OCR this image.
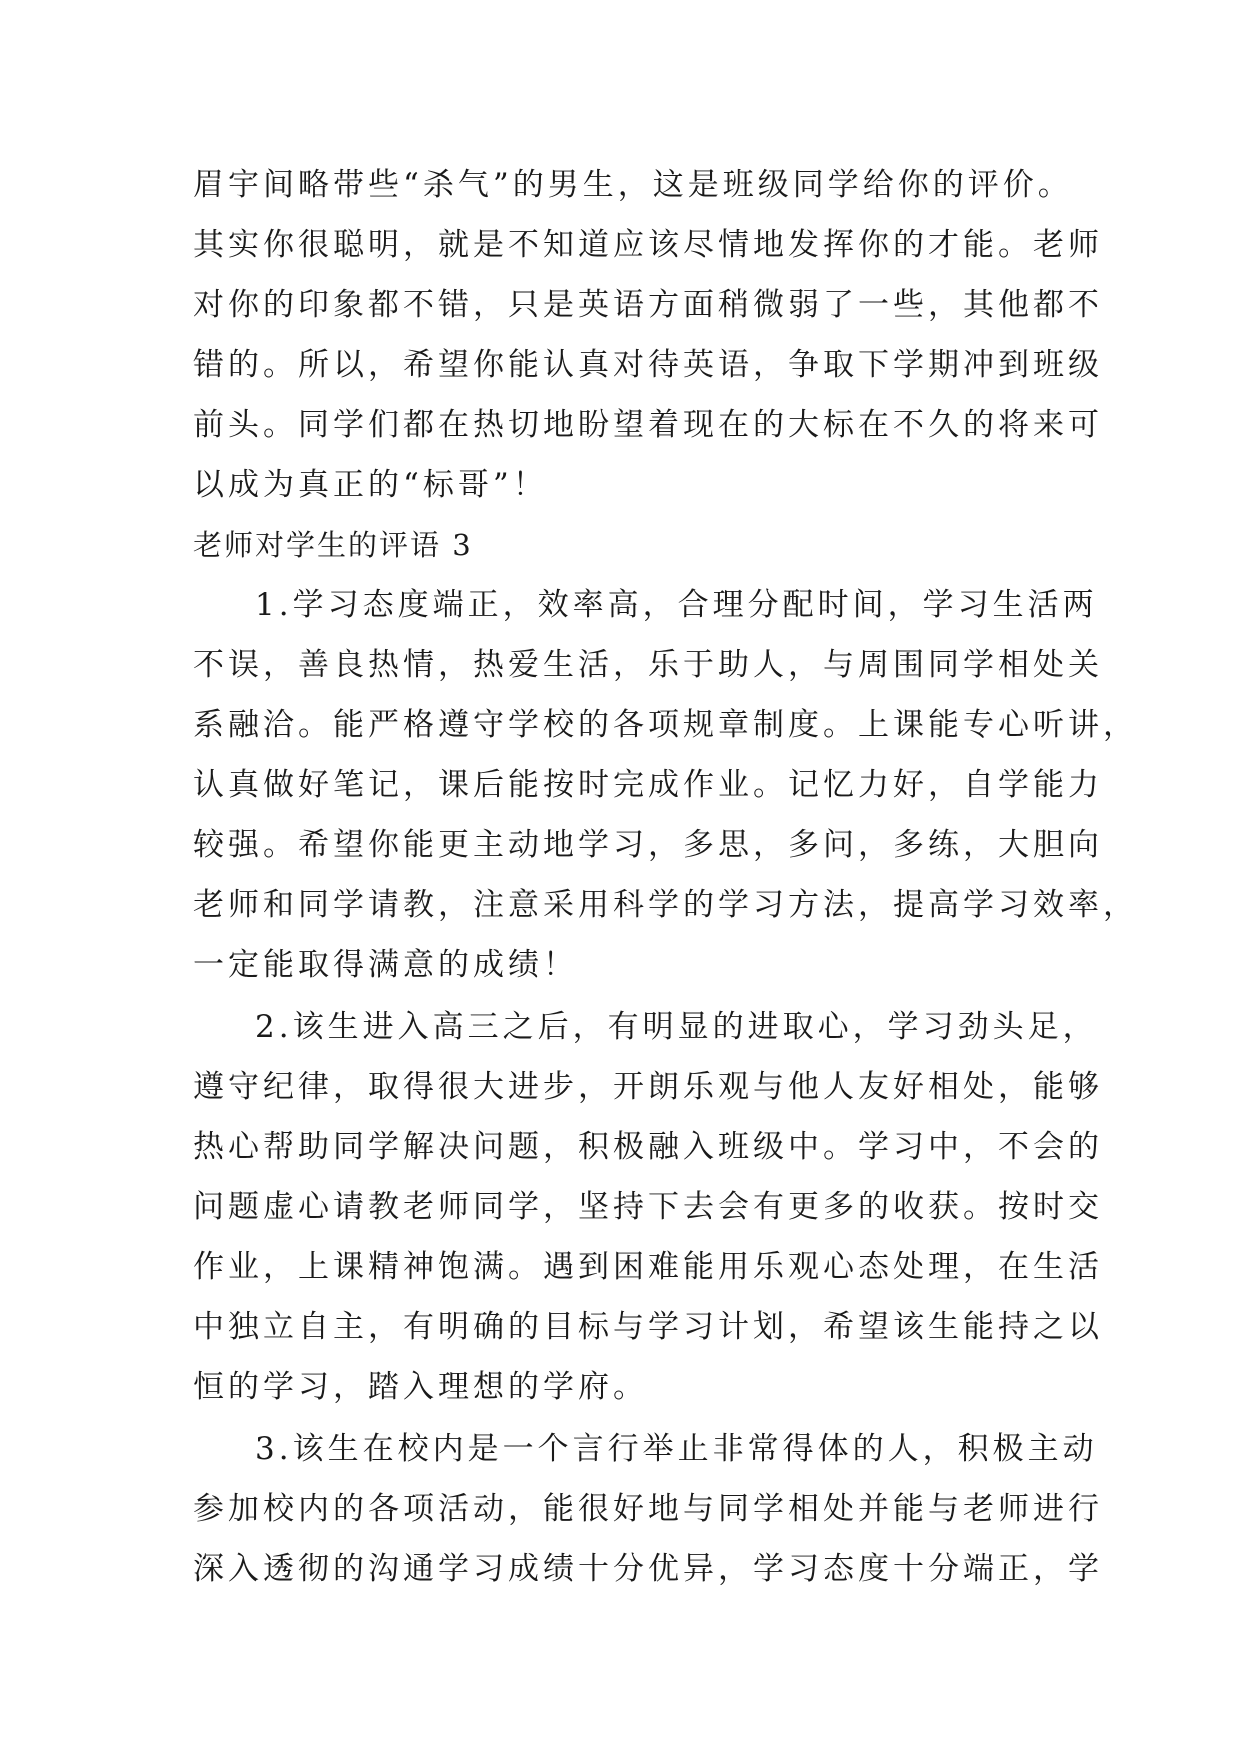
眉宇间略带些“杀气”的男生，这是班级同学给你的评价。

其实你很聪明，就是不知道应该尽情地发挥你的才能。老师

对你的印象都不错，只是英语方面稍微弱了一些，其他都不

错的。所以，希望你能认真对待英语，争取下学期冲到班级

前头。同学们都在热切地盼望着现在的大标在不久的将来可

以成为真正的“标哥”！

老师对学生的评语 3

1.学习态度端正，效率高，合理分配时间，学习生活两

不误，善良热情，热爱生活，乐于助人，与周围同学相处关

系融洽。能严格遵守学校的各项规章制度。上课能专心听讲，

认真做好笔记，课后能按时完成作业。记忆力好，自学能力

较强。希望你能更主动地学习，多思，多问，多练，大胆向

老师和同学请教，注意采用科学的学习方法，提高学习效率，

一定能取得满意的成绩！

2.该生进入高三之后，有明显的进取心，学习劲头足，

遵守纪律，取得很大进步，开朗乐观与他人友好相处，能够

热心帮助同学解决问题，积极融入班级中。学习中，不会的

问题虚心请教老师同学，坚持下去会有更多的收获。按时交

作业，上课精神饱满。遇到困难能用乐观心态处理，在生活

中独立自主，有明确的目标与学习计划，希望该生能持之以

恒的学习，踏入理想的学府。

3.该生在校内是一个言行举止非常得体的人，积极主动

参加校内的各项活动，能很好地与同学相处并能与老师进行

深入透彻的沟通学习成绩十分优异，学习态度十分端正，学
